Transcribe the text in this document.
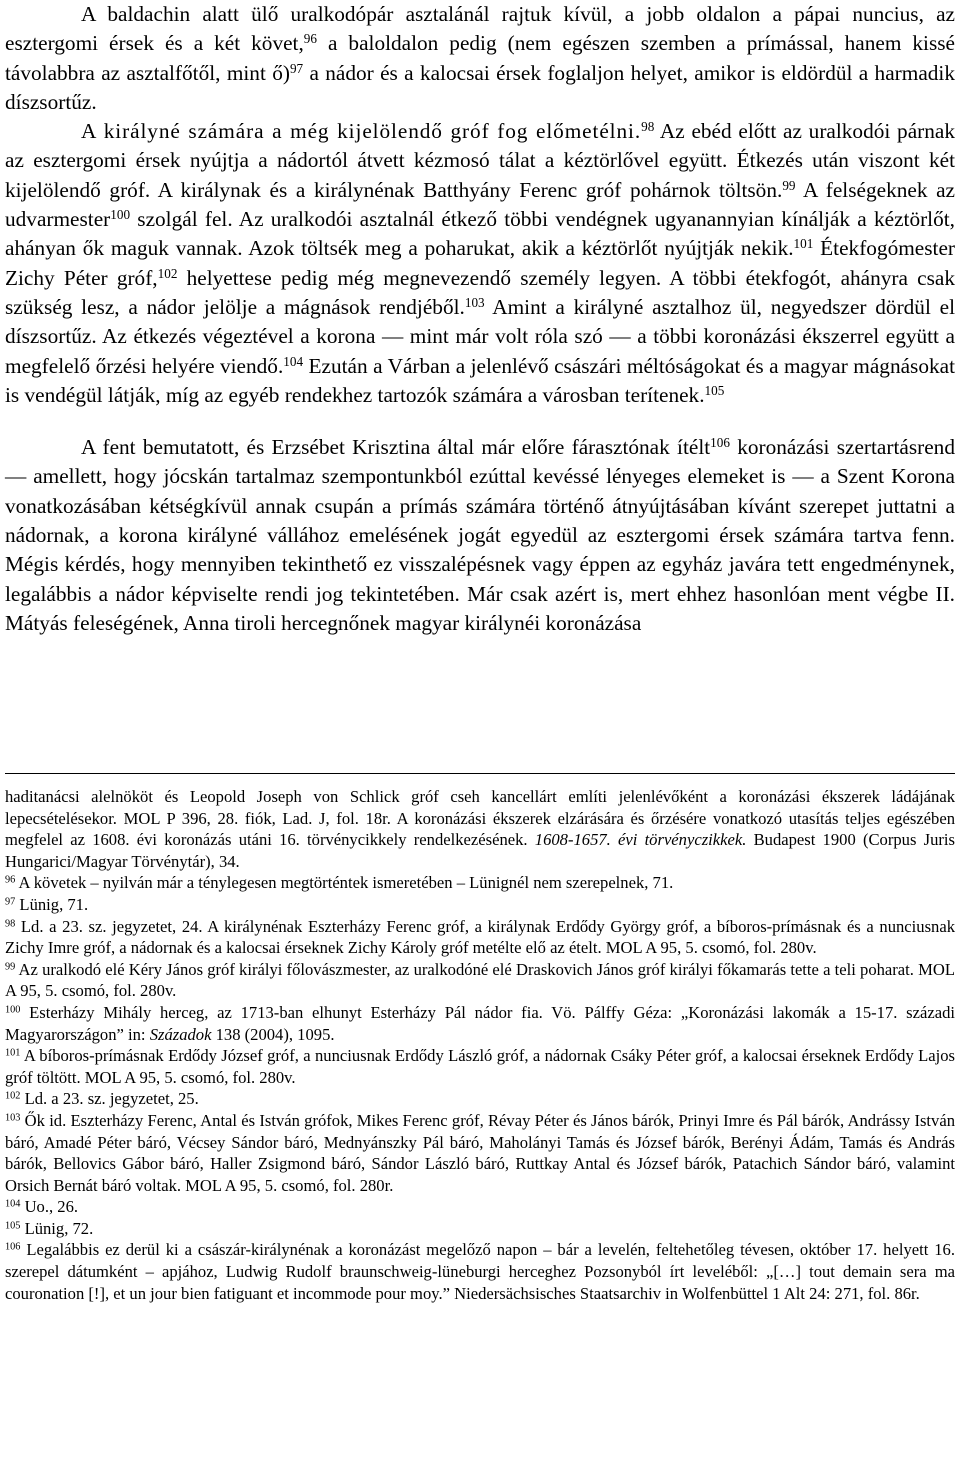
A baldachin alatt ülő uralkodópár asztalánál rajtuk kívül, a jobb oldalon a pápai nuncius, az esztergomi érsek és a két követ,$^{96}$ a baloldalon pedig (nem egészen szemben a prímással, hanem kissé távolabbra az asztalfőtől, mint ő)$^{97}$ a nádor és a kalocsai érsek foglaljon helyet, amikor is eldördül a harmadik díszsortűz.
A királyné számára a még kijelölendő gróf fog előmetélni.$^{98}$ Az ebéd előtt az uralkodói párnak az esztergomi érsek nyújtja a nádortól átvett kézmosó tálat a kéztörlővel együtt. Étkezés után viszont két kijelölendő gróf. A királynak és a királynénak Batthyány Ferenc gróf pohárnok töltsön.$^{99}$ A felségeknek az udvarmester$^{100}$ szolgál fel. Az uralkodói asztalnál étkező többi vendégnek ugyanannyian kínálják a kéztörlőt, ahányan ők maguk vannak. Azok töltsék meg a poharukat, akik a kéztörlőt nyújtják nekik.$^{101}$ Étekfogómester Zichy Péter gróf,$^{102}$ helyettese pedig még megnevezendő személy legyen. A többi étekfogót, ahányra csak szükség lesz, a nádor jelölje a mágnások rendjéből.$^{103}$ Amint a királyné asztalhoz ül, negyedszer dördül el díszsortűz. Az étkezés végeztével a korona — mint már volt róla szó — a többi koronázási ékszerrel együtt a megfelelő őrzési helyére viendő.$^{104}$ Ezután a Várban a jelenlévő császári méltóságokat és a magyar mágnásokat is vendégül látják, míg az egyéb rendekhez tartozók számára a városban terítenek.$^{105}$

A fent bemutatott, és Erzsébet Krisztina által már előre fárasztónak ítélt$^{106}$ koronázási szertartásrend — amellett, hogy jócskán tartalmaz szempontunkból ezúttal kevéssé lényeges elemeket is — a Szent Korona vonatkozásában kétségkívül annak csupán a prímás számára történő átnyújtásában kívánt szerepet juttatni a nádornak, a korona királyné vállához emelésének jogát egyedül az esztergomi érsek számára tartva fenn. Mégis kérdés, hogy mennyiben tekinthető ez visszalépésnek vagy éppen az egyház javára tett engedménynek, legalábbis a nádor képviselte rendi jog tekintetében. Már csak azért is, mert ehhez hasonlóan ment végbe II. Mátyás feleségének, Anna tiroli hercegnőnek magyar királynéi koronázása

haditanácsi alelnököt és Leopold Joseph von Schlick gróf cseh kancellárt említi jelenlévőként a koronázási ékszerek ládájának lepecsételésekor. MOL P 396, 28. fiók, Lad. J, fol. 18r. A koronázási ékszerek elzárására és őrzésére vonatkozó utasítás teljes egészében megfelel az 1608. évi koronázás utáni 16. törvénycikkely rendelkezésének. 1608-1657. évi törvényczikkek. Budapest 1900 (Corpus Juris Hungarici/Magyar Törvénytár), 34.

$^{96}$ A követek – nyilván már a ténylegesen megtörténtek ismeretében – Lünignél nem szerepelnek, 71.

$^{97}$ Lünig, 71.

$^{98}$ Ld. a 23. sz. jegyzetet, 24. A királynénak Eszterházy Ferenc gróf, a királynak Erdődy György gróf, a bíboros-prímásnak és a nunciusnak Zichy Imre gróf, a nádornak és a kalocsai érseknek Zichy Károly gróf metélte elő az ételt. MOL A 95, 5. csomó, fol. 280v.

$^{99}$ Az uralkodó elé Kéry János gróf királyi főlovászmester, az uralkodóné elé Draskovich János gróf királyi főkamarás tette a teli poharat. MOL A 95, 5. csomó, fol. 280v.

$^{100}$ Esterházy Mihály herceg, az 1713-ban elhunyt Esterházy Pál nádor fia. Vö. Pálffy Géza: „Koronázási lakomák a 15-17. századi Magyarországon” in: Századok 138 (2004), 1095.

$^{101}$ A bíboros-prímásnak Erdődy József gróf, a nunciusnak Erdődy László gróf, a nádornak Csáky Péter gróf, a kalocsai érseknek Erdődy Lajos gróf töltött. MOL A 95, 5. csomó, fol. 280v.

$^{102}$ Ld. a 23. sz. jegyzetet, 25.

$^{103}$ Ők id. Eszterházy Ferenc, Antal és István grófok, Mikes Ferenc gróf, Révay Péter és János bárók, Prinyi Imre és Pál bárók, Andrássy István báró, Amadé Péter báró, Vécsey Sándor báró, Mednyánszky Pál báró, Maholányi Tamás és József bárók, Berényi Ádám, Tamás és András bárók, Bellovics Gábor báró, Haller Zsigmond báró, Sándor László báró, Ruttkay Antal és József bárók, Patachich Sándor báró, valamint Orsich Bernát báró voltak. MOL A 95, 5. csomó, fol. 280r.

$^{104}$ Uo., 26.

$^{105}$ Lünig, 72.

$^{106}$ Legalábbis ez derül ki a császár-királynénak a koronázást megelőző napon – bár a levelén, feltehetőleg tévesen, október 17. helyett 16. szerepel dátumként – apjához, Ludwig Rudolf braunschweig-lüneburgi herceghez Pozsonyból írt leveléből: „[…] tout demain sera ma couronation [!], et un jour bien fatiguant et incommode pour moy.” Niedersächsisches Staatsarchiv in Wolfenbüttel 1 Alt 24: 271, fol. 86r.
